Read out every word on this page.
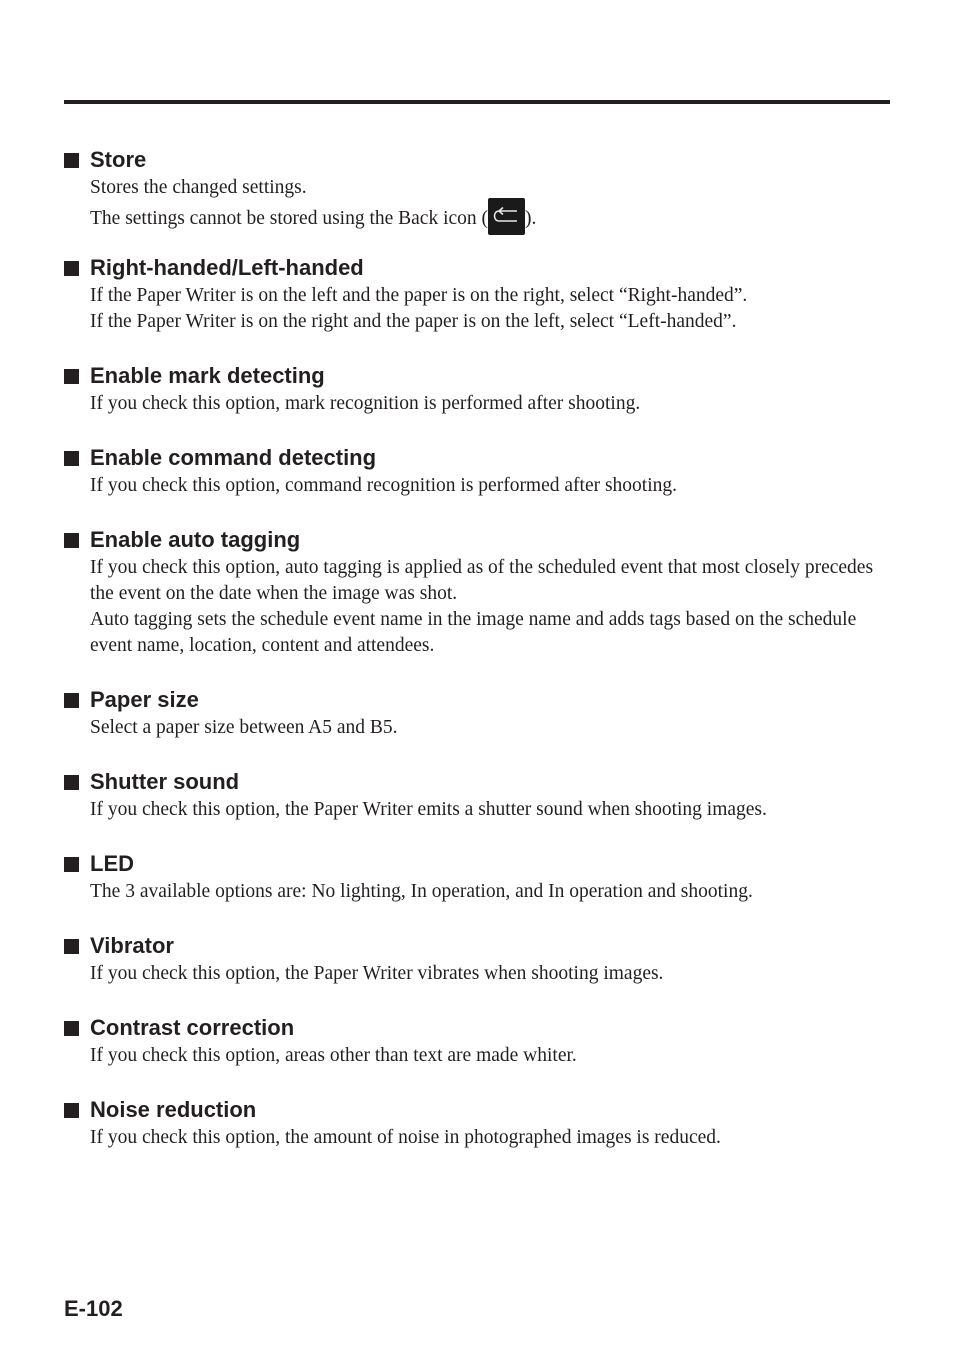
Store

Stores the changed settings.

The settings cannot be stored using the Back icon ( ).

Right-handed/Left-handed

If the Paper Writer is on the left and the paper is on the right, select “Right-handed”.

If the Paper Writer is on the right and the paper is on the left, select “Left-handed”.

Enable mark detecting

If you check this option, mark recognition is performed after shooting.

Enable command detecting

If you check this option, command recognition is performed after shooting.

Enable auto tagging

If you check this option, auto tagging is applied as of the scheduled event that most closely precedes the event on the date when the image was shot.

Auto tagging sets the schedule event name in the image name and adds tags based on the schedule event name, location, content and attendees.

Paper size

Select a paper size between A5 and B5.

Shutter sound

If you check this option, the Paper Writer emits a shutter sound when shooting images.

LED

The 3 available options are: No lighting, In operation, and In operation and shooting.

Vibrator

If you check this option, the Paper Writer vibrates when shooting images.

Contrast correction

If you check this option, areas other than text are made whiter.

Noise reduction

If you check this option, the amount of noise in photographed images is reduced.

E-102
